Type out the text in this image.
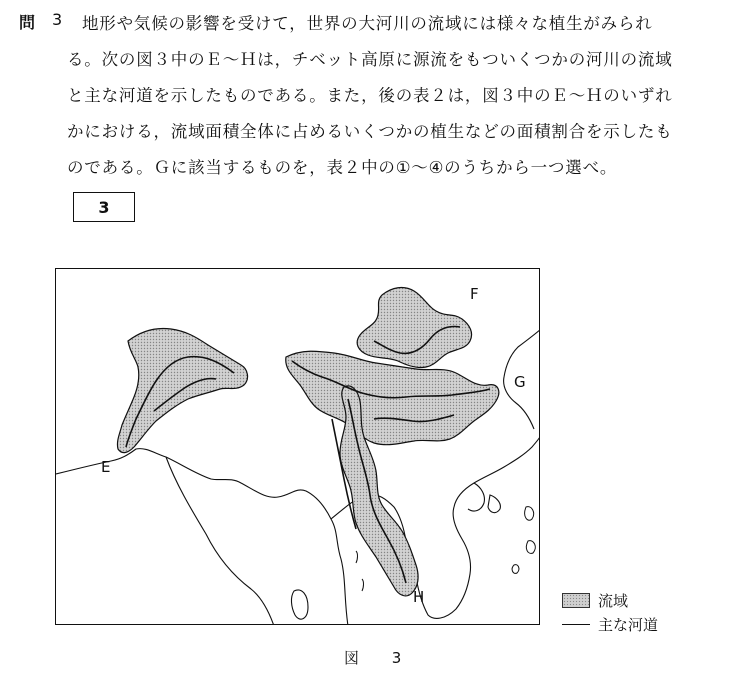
問 3 地形や気候の影響を受けて，世界の大河川の流域には様々な植生がみられ
る。次の図３中のＥ～Ｈは，チベット高原に源流をもついくつかの河川の流域
と主な河道を示したものである。また，後の表２は，図３中のＥ～Ｈのいずれ
かにおける，流域面積全体に占めるいくつかの植生などの面積割合を示したも
のである。Ｇに該当するものを，表２中の①～④のうちから一つ選べ。
3
E
F
G
H	流域
主な河道
図 3
